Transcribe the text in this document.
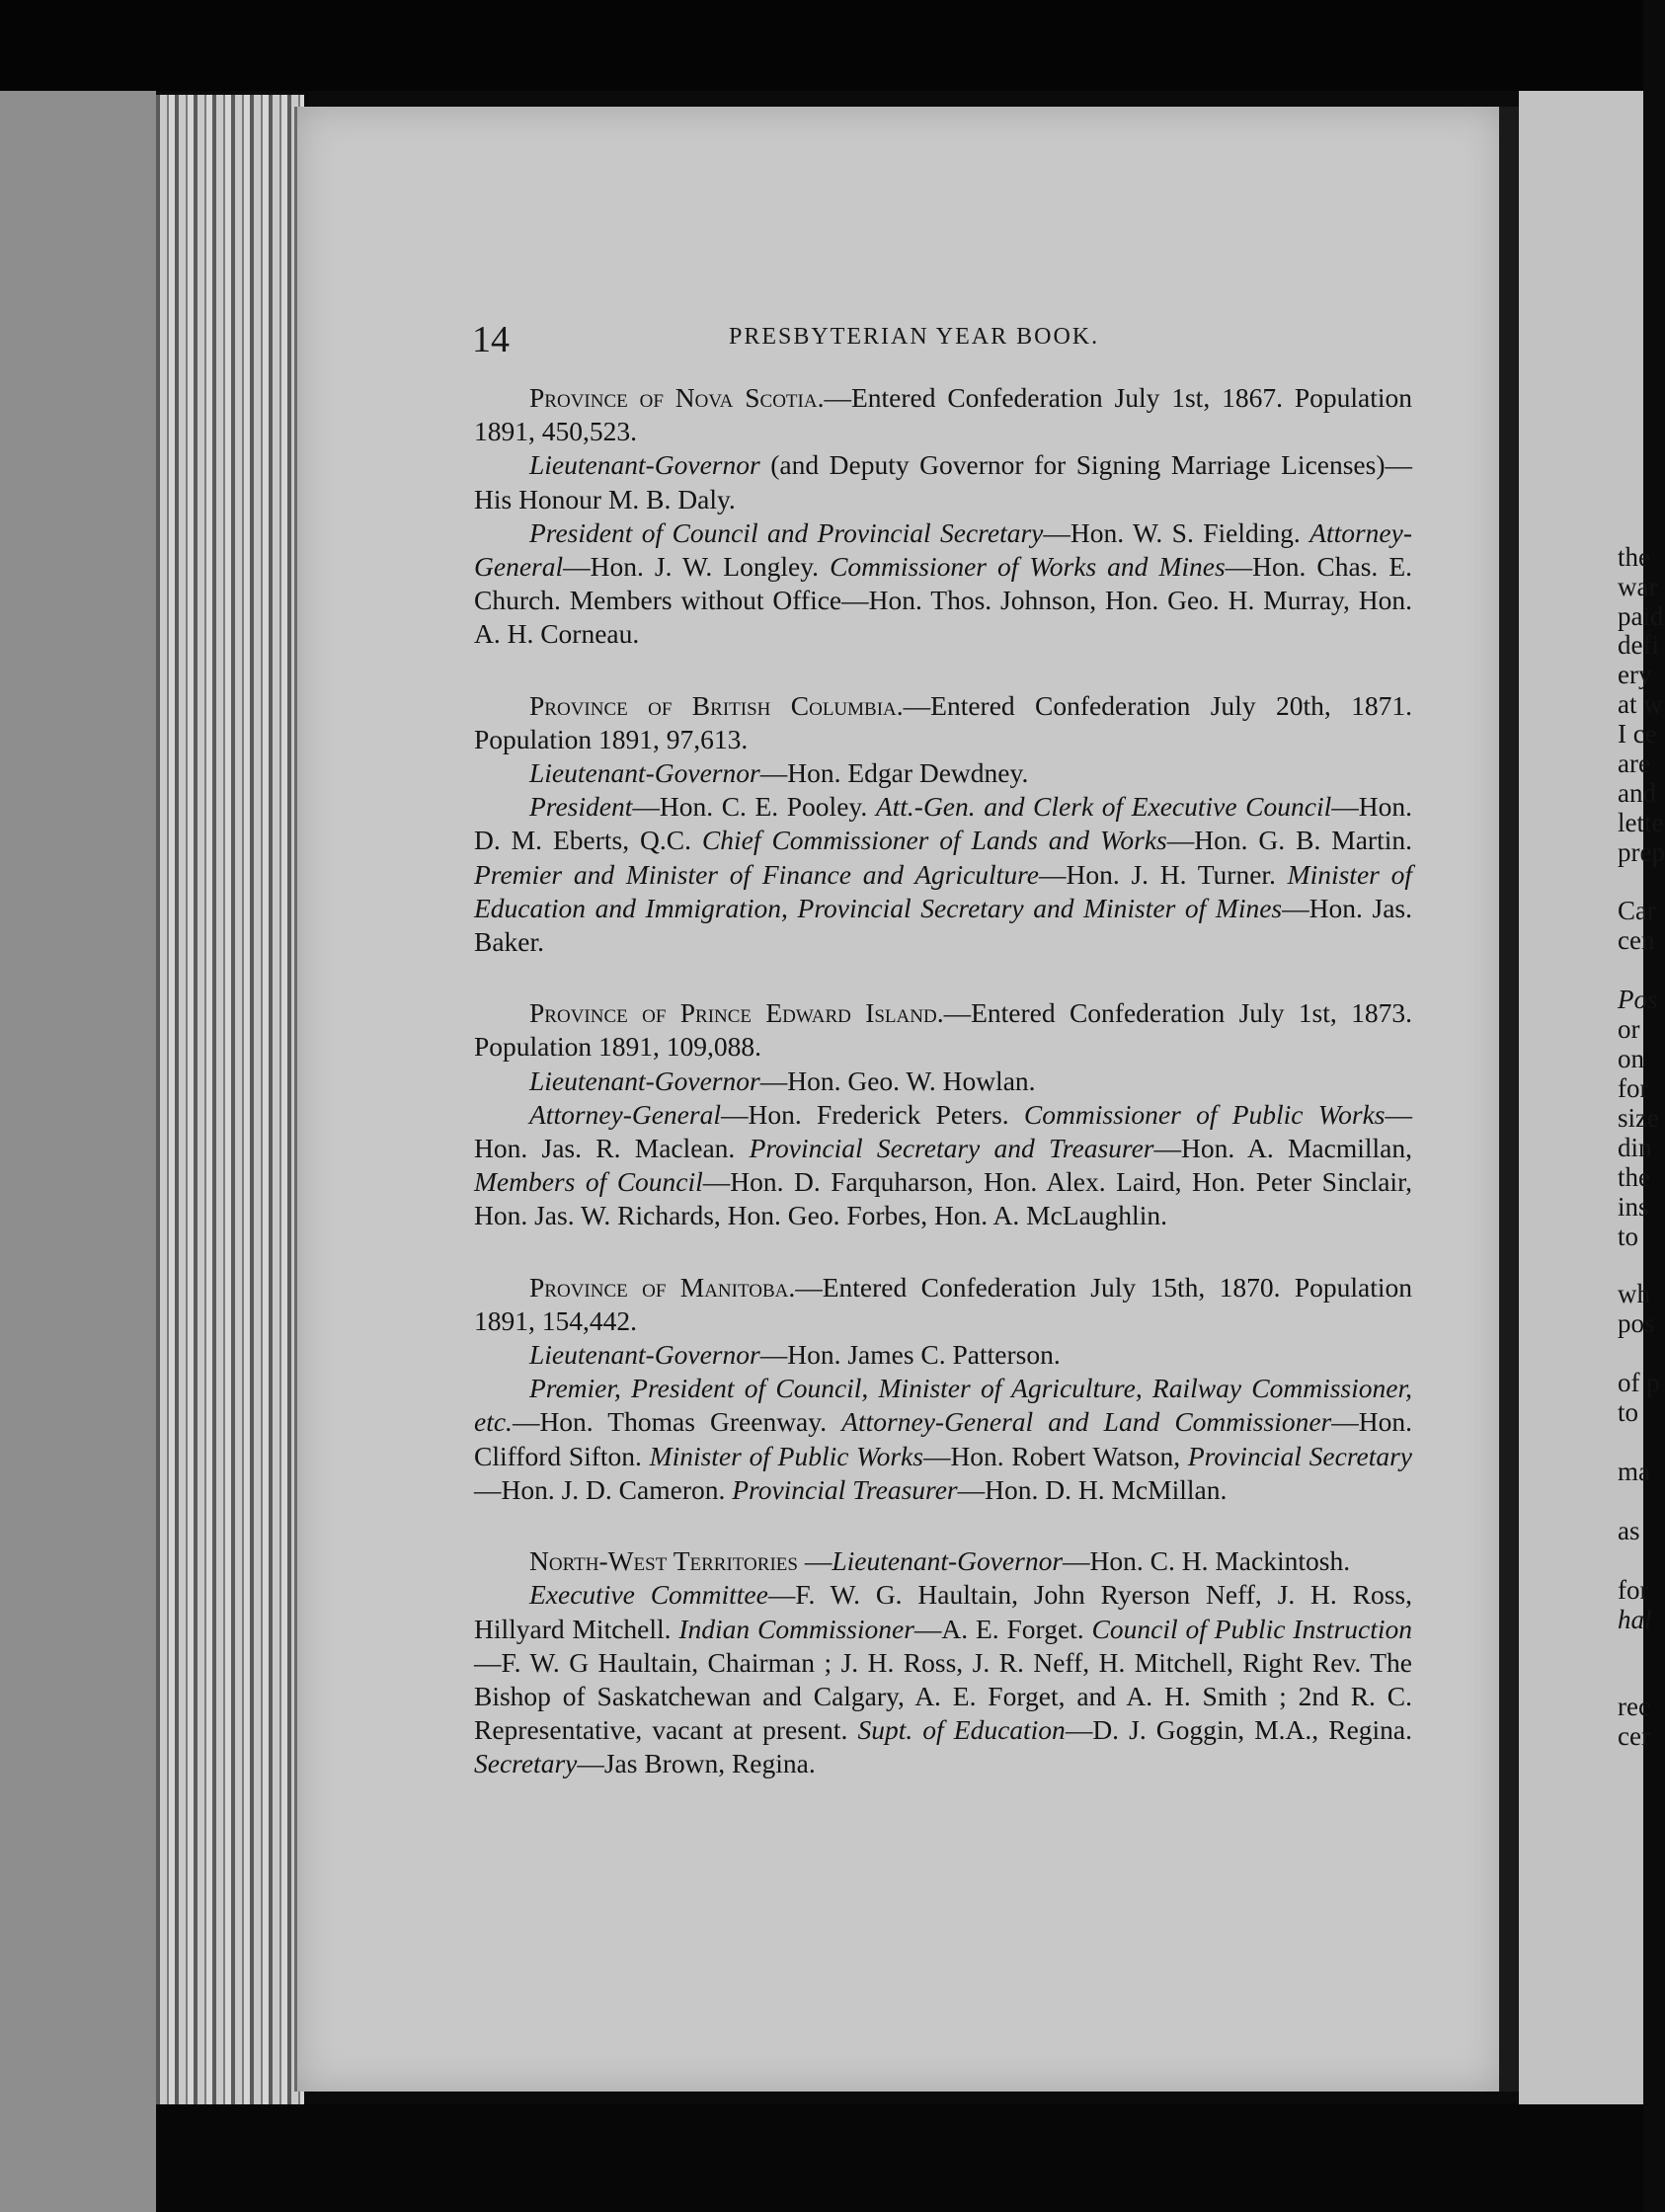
the
war
paid
defi
ery
at w
I ce
are
and
lette
prep
Car
cen
Pos
or
on
for
size
din
the
ins
to
wh
pos
of p
to
ma
as
for
hal
rec
cer
14	PRESBYTERIAN YEAR BOOK.

Province of Nova Scotia.—Entered Confederation July 1st, 1867. Population 1891, 450,523.

Lieutenant-Governor (and Deputy Governor for Signing Marriage Licenses)—His Honour M. B. Daly.

President of Council and Provincial Secretary—Hon. W. S. Fielding. Attorney-General—Hon. J. W. Longley. Commissioner of Works and Mines—Hon. Chas. E. Church. Members without Office—Hon. Thos. Johnson, Hon. Geo. H. Murray, Hon. A. H. Corneau.

Province of British Columbia.—Entered Confederation July 20th, 1871. Population 1891, 97,613.

Lieutenant-Governor—Hon. Edgar Dewdney.

President—Hon. C. E. Pooley. Att.-Gen. and Clerk of Executive Council—Hon. D. M. Eberts, Q.C. Chief Commissioner of Lands and Works—Hon. G. B. Martin. Premier and Minister of Finance and Agriculture—Hon. J. H. Turner. Minister of Education and Immigration, Provincial Secretary and Minister of Mines—Hon. Jas. Baker.

Province of Prince Edward Island.—Entered Confederation July 1st, 1873. Population 1891, 109,088.

Lieutenant-Governor—Hon. Geo. W. Howlan.

Attorney-General—Hon. Frederick Peters. Commissioner of Public Works—Hon. Jas. R. Maclean. Provincial Secretary and Treasurer—Hon. A. Macmillan, Members of Council—Hon. D. Farquharson, Hon. Alex. Laird, Hon. Peter Sinclair, Hon. Jas. W. Richards, Hon. Geo. Forbes, Hon. A. McLaughlin.

Province of Manitoba.—Entered Confederation July 15th, 1870. Population 1891, 154,442.

Lieutenant-Governor—Hon. James C. Patterson.

Premier, President of Council, Minister of Agriculture, Railway Commissioner, etc.—Hon. Thomas Greenway. Attorney-General and Land Commissioner—Hon. Clifford Sifton. Minister of Public Works—Hon. Robert Watson, Provincial Secretary—Hon. J. D. Cameron. Provincial Treasurer—Hon. D. H. McMillan.

North-West Territories —Lieutenant-Governor—Hon. C. H. Mackintosh.

Executive Committee—F. W. G. Haultain, John Ryerson Neff, J. H. Ross, Hillyard Mitchell. Indian Commissioner—A. E. Forget. Council of Public Instruction—F. W. G Haultain, Chairman ; J. H. Ross, J. R. Neff, H. Mitchell, Right Rev. The Bishop of Saskatchewan and Calgary, A. E. Forget, and A. H. Smith ; 2nd R. C. Representative, vacant at present. Supt. of Education—D. J. Goggin, M.A., Regina. Secretary—Jas Brown, Regina.
